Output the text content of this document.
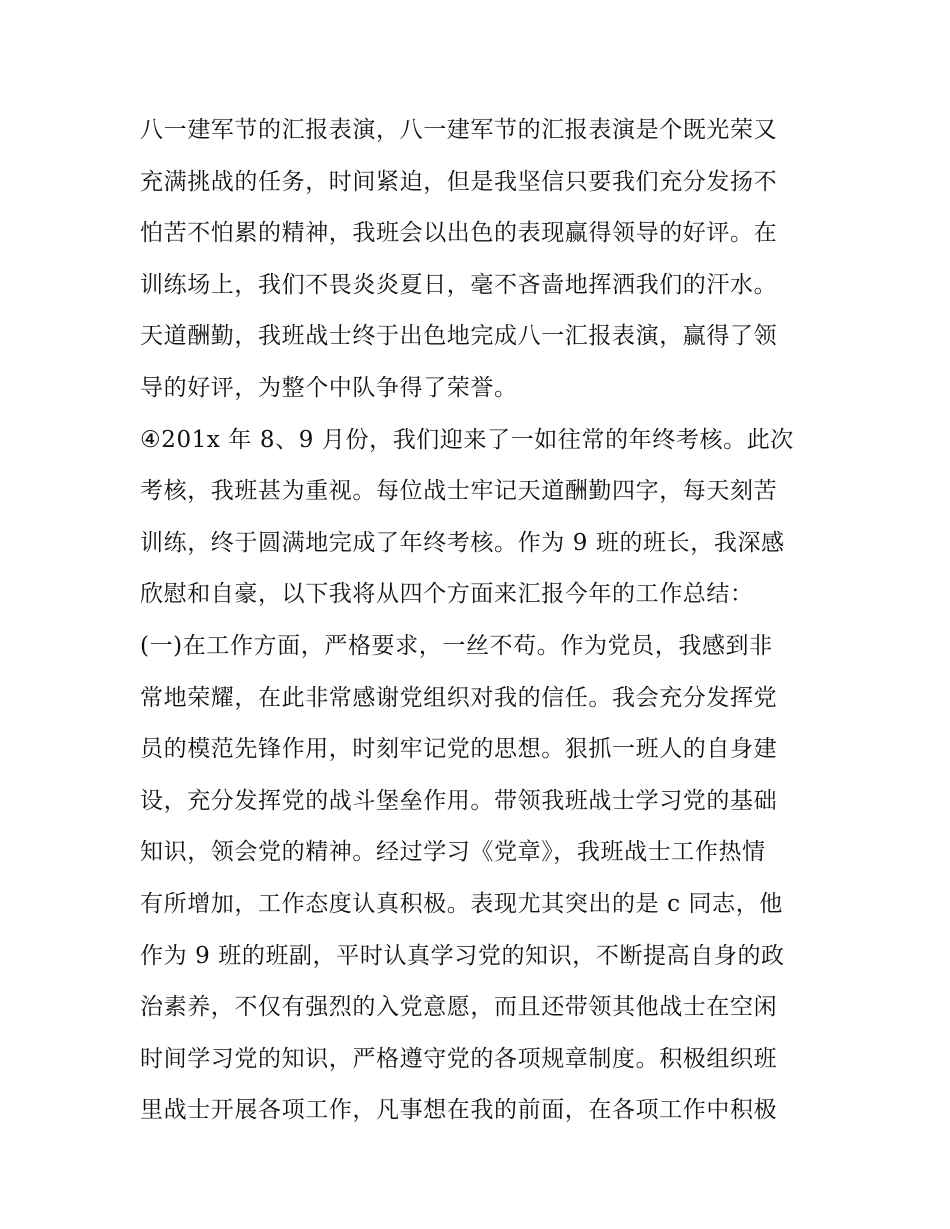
八一建军节的汇报表演，八一建军节的汇报表演是个既光荣又
充满挑战的任务，时间紧迫，但是我坚信只要我们充分发扬不
怕苦不怕累的精神，我班会以出色的表现赢得领导的好评。在
训练场上，我们不畏炎炎夏日，毫不吝啬地挥洒我们的汗水。
天道酬勤，我班战士终于出色地完成八一汇报表演，赢得了领
导的好评，为整个中队争得了荣誉。
④201x 年 8、9 月份，我们迎来了一如往常的年终考核。此次
考核，我班甚为重视。每位战士牢记天道酬勤四字，每天刻苦
训练，终于圆满地完成了年终考核。作为 9 班的班长，我深感
欣慰和自豪，以下我将从四个方面来汇报今年的工作总结：
(一)在工作方面，严格要求，一丝不苟。作为党员，我感到非
常地荣耀，在此非常感谢党组织对我的信任。我会充分发挥党
员的模范先锋作用，时刻牢记党的思想。狠抓一班人的自身建
设，充分发挥党的战斗堡垒作用。带领我班战士学习党的基础
知识，领会党的精神。经过学习《党章》，我班战士工作热情
有所增加，工作态度认真积极。表现尤其突出的是 c 同志，他
作为 9 班的班副，平时认真学习党的知识，不断提高自身的政
治素养，不仅有强烈的入党意愿，而且还带领其他战士在空闲
时间学习党的知识，严格遵守党的各项规章制度。积极组织班
里战士开展各项工作，凡事想在我的前面，在各项工作中积极
